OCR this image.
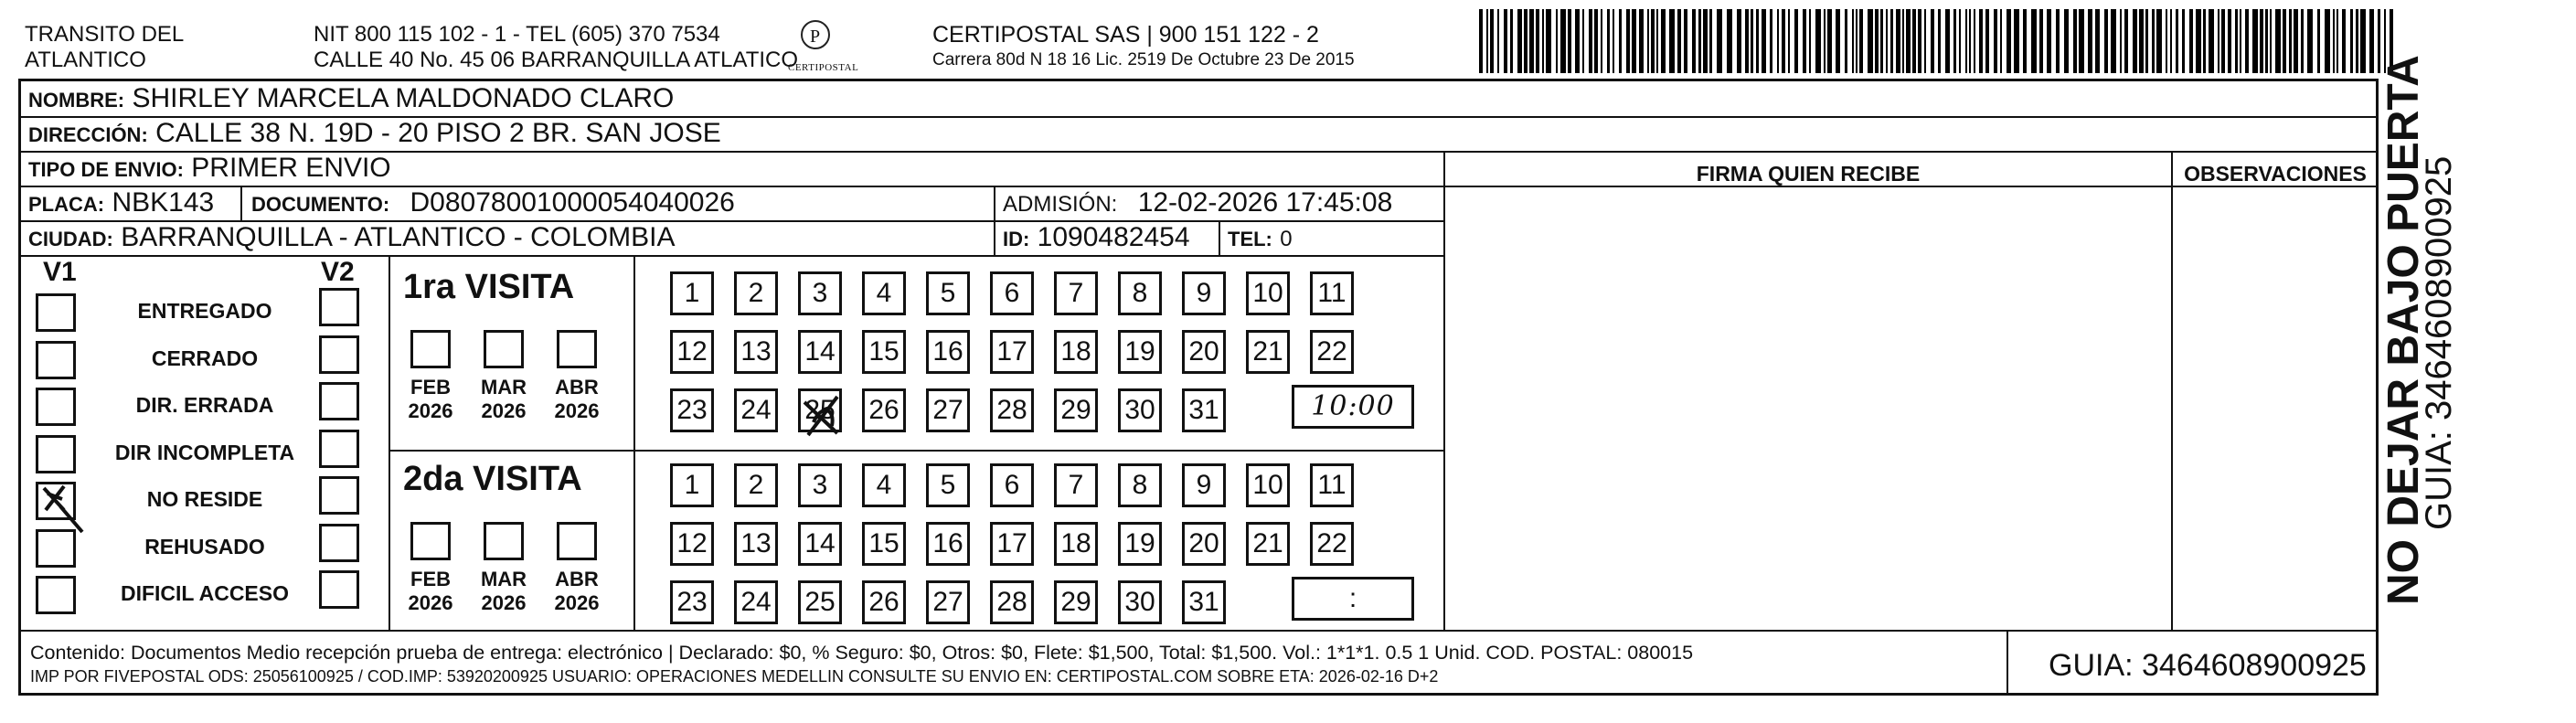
TRANSITO DEL
ATLANTICO
NIT 800 115 102 - 1 - TEL (605) 370 7534
CALLE 40 No. 45 06 BARRANQUILLA ATLATICO
P
CERTIPOSTAL
CERTIPOSTAL SAS | 900 151 122 - 2
Carrera 80d N 18 16 Lic. 2519 De Octubre 23 De 2015
NOMBRE: SHIRLEY MARCELA MALDONADO CLARO
DIRECCIÓN: CALLE 38 N. 19D - 20 PISO 2 BR. SAN JOSE
TIPO DE ENVIO: PRIMER ENVIO
PLACA: NBK143 DOCUMENTO: D08078001000054040026	ADMISIÓN: 12-02-2026 17:45:08
CIUDAD: BARRANQUILLA - ATLANTICO - COLOMBIA	ID: 1090482454 TEL: 0
FIRMA QUIEN RECIBE	OBSERVACIONES
V1	V2
ENTREGADO
CERRADO
DIR. ERRADA
DIR INCOMPLETA
NO RESIDE
REHUSADO
DIFICIL ACCESO
1ra VISITA
2da VISITA
FEB
2026
MAR
2026
ABR
2026
FEB
2026
MAR
2026
ABR
2026
1	2	3	4	5	6	7	8	9	10 11
12 13 14 15 16 17 18 19 20 21 22
23 24 25 26 27 28 29 30 31	10:00
1	2	3	4	5	6	7	8	9	10 11
12 13 14 15 16 17 18 19 20 21 22
23 24 25 26 27 28 29 30 31	:
Contenido: Documentos Medio recepción prueba de entrega: electrónico | Declarado: $0, % Seguro: $0, Otros: $0, Flete: $1,500, Total: $1,500. Vol.: 1*1*1. 0.5 1 Unid. COD. POSTAL: 080015
IMP POR FIVEPOSTAL ODS: 25056100925 / COD.IMP: 53920200925 USUARIO: OPERACIONES MEDELLIN CONSULTE SU ENVIO EN: CERTIPOSTAL.COM SOBRE ETA: 2026-02-16 D+2	GUIA: 3464608900925
NO DEJAR BAJO PUERTA
GUIA: 3464608900925
